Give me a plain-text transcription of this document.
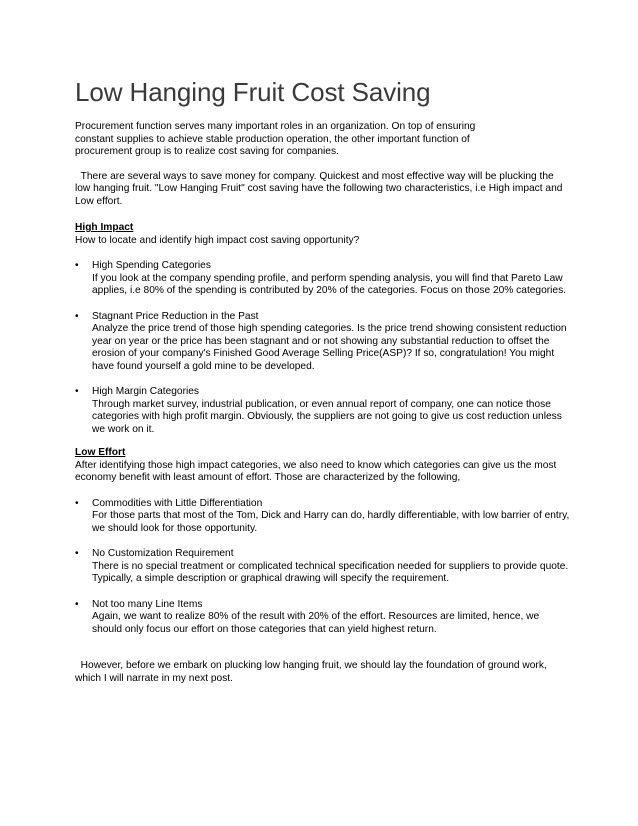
Low Hanging Fruit Cost Saving

Procurement function serves many important roles in an organization. On top of ensuring constant supplies to achieve stable production operation, the other important function of procurement group is to realize cost saving for companies.

There are several ways to save money for company. Quickest and most effective way will be plucking the low hanging fruit. "Low Hanging Fruit" cost saving have the following two characteristics, i.e High impact and Low effort.

High Impact

How to locate and identify high impact cost saving opportunity?

• High Spending Categories
If you look at the company spending profile, and perform spending analysis, you will find that Pareto Law applies, i.e 80% of the spending is contributed by 20% of the categories. Focus on those 20% categories.
• Stagnant Price Reduction in the Past
Analyze the price trend of those high spending categories. Is the price trend showing consistent reduction year on year or the price has been stagnant and or not showing any substantial reduction to offset the erosion of your company's Finished Good Average Selling Price(ASP)? If so, congratulation! You might have found yourself a gold mine to be developed.
• High Margin Categories
Through market survey, industrial publication, or even annual report of company, one can notice those categories with high profit margin. Obviously, the suppliers are not going to give us cost reduction unless we work on it.
Low Effort

After identifying those high impact categories, we also need to know which categories can give us the most economy benefit with least amount of effort. Those are characterized by the following,

• Commodities with Little Differentiation
For those parts that most of the Tom, Dick and Harry can do, hardly differentiable, with low barrier of entry, we should look for those opportunity.
• No Customization Requirement
There is no special treatment or complicated technical specification needed for suppliers to provide quote. Typically, a simple description or graphical drawing will specify the requirement.
• Not too many Line Items
Again, we want to realize 80% of the result with 20% of the effort. Resources are limited, hence, we should only focus our effort on those categories that can yield highest return.

However, before we embark on plucking low hanging fruit, we should lay the foundation of ground work, which I will narrate in my next post.
